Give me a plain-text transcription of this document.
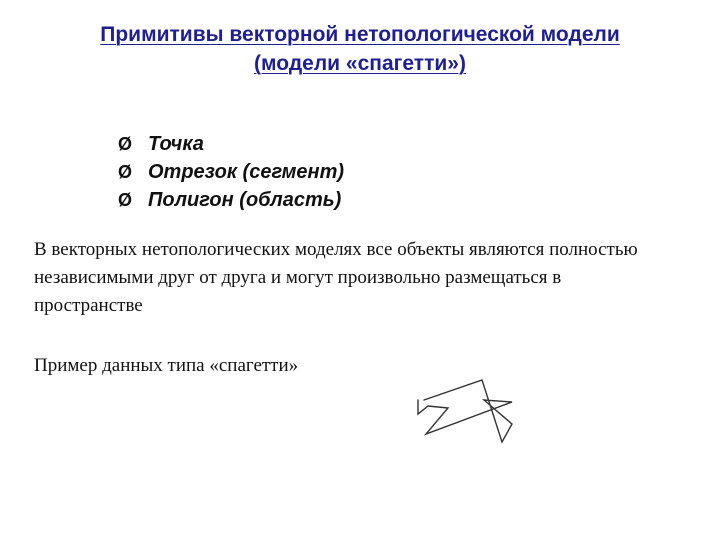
Примитивы векторной нетопологической модели
(модели «спагетти»)
Ø Точка
Ø Отрезок (сегмент)
Ø Полигон (область)

В векторных нетопологических моделях все объекты являются полностью независимыми друг от друга и могут произвольно размещаться в пространстве

Пример данных типа «спагетти»
